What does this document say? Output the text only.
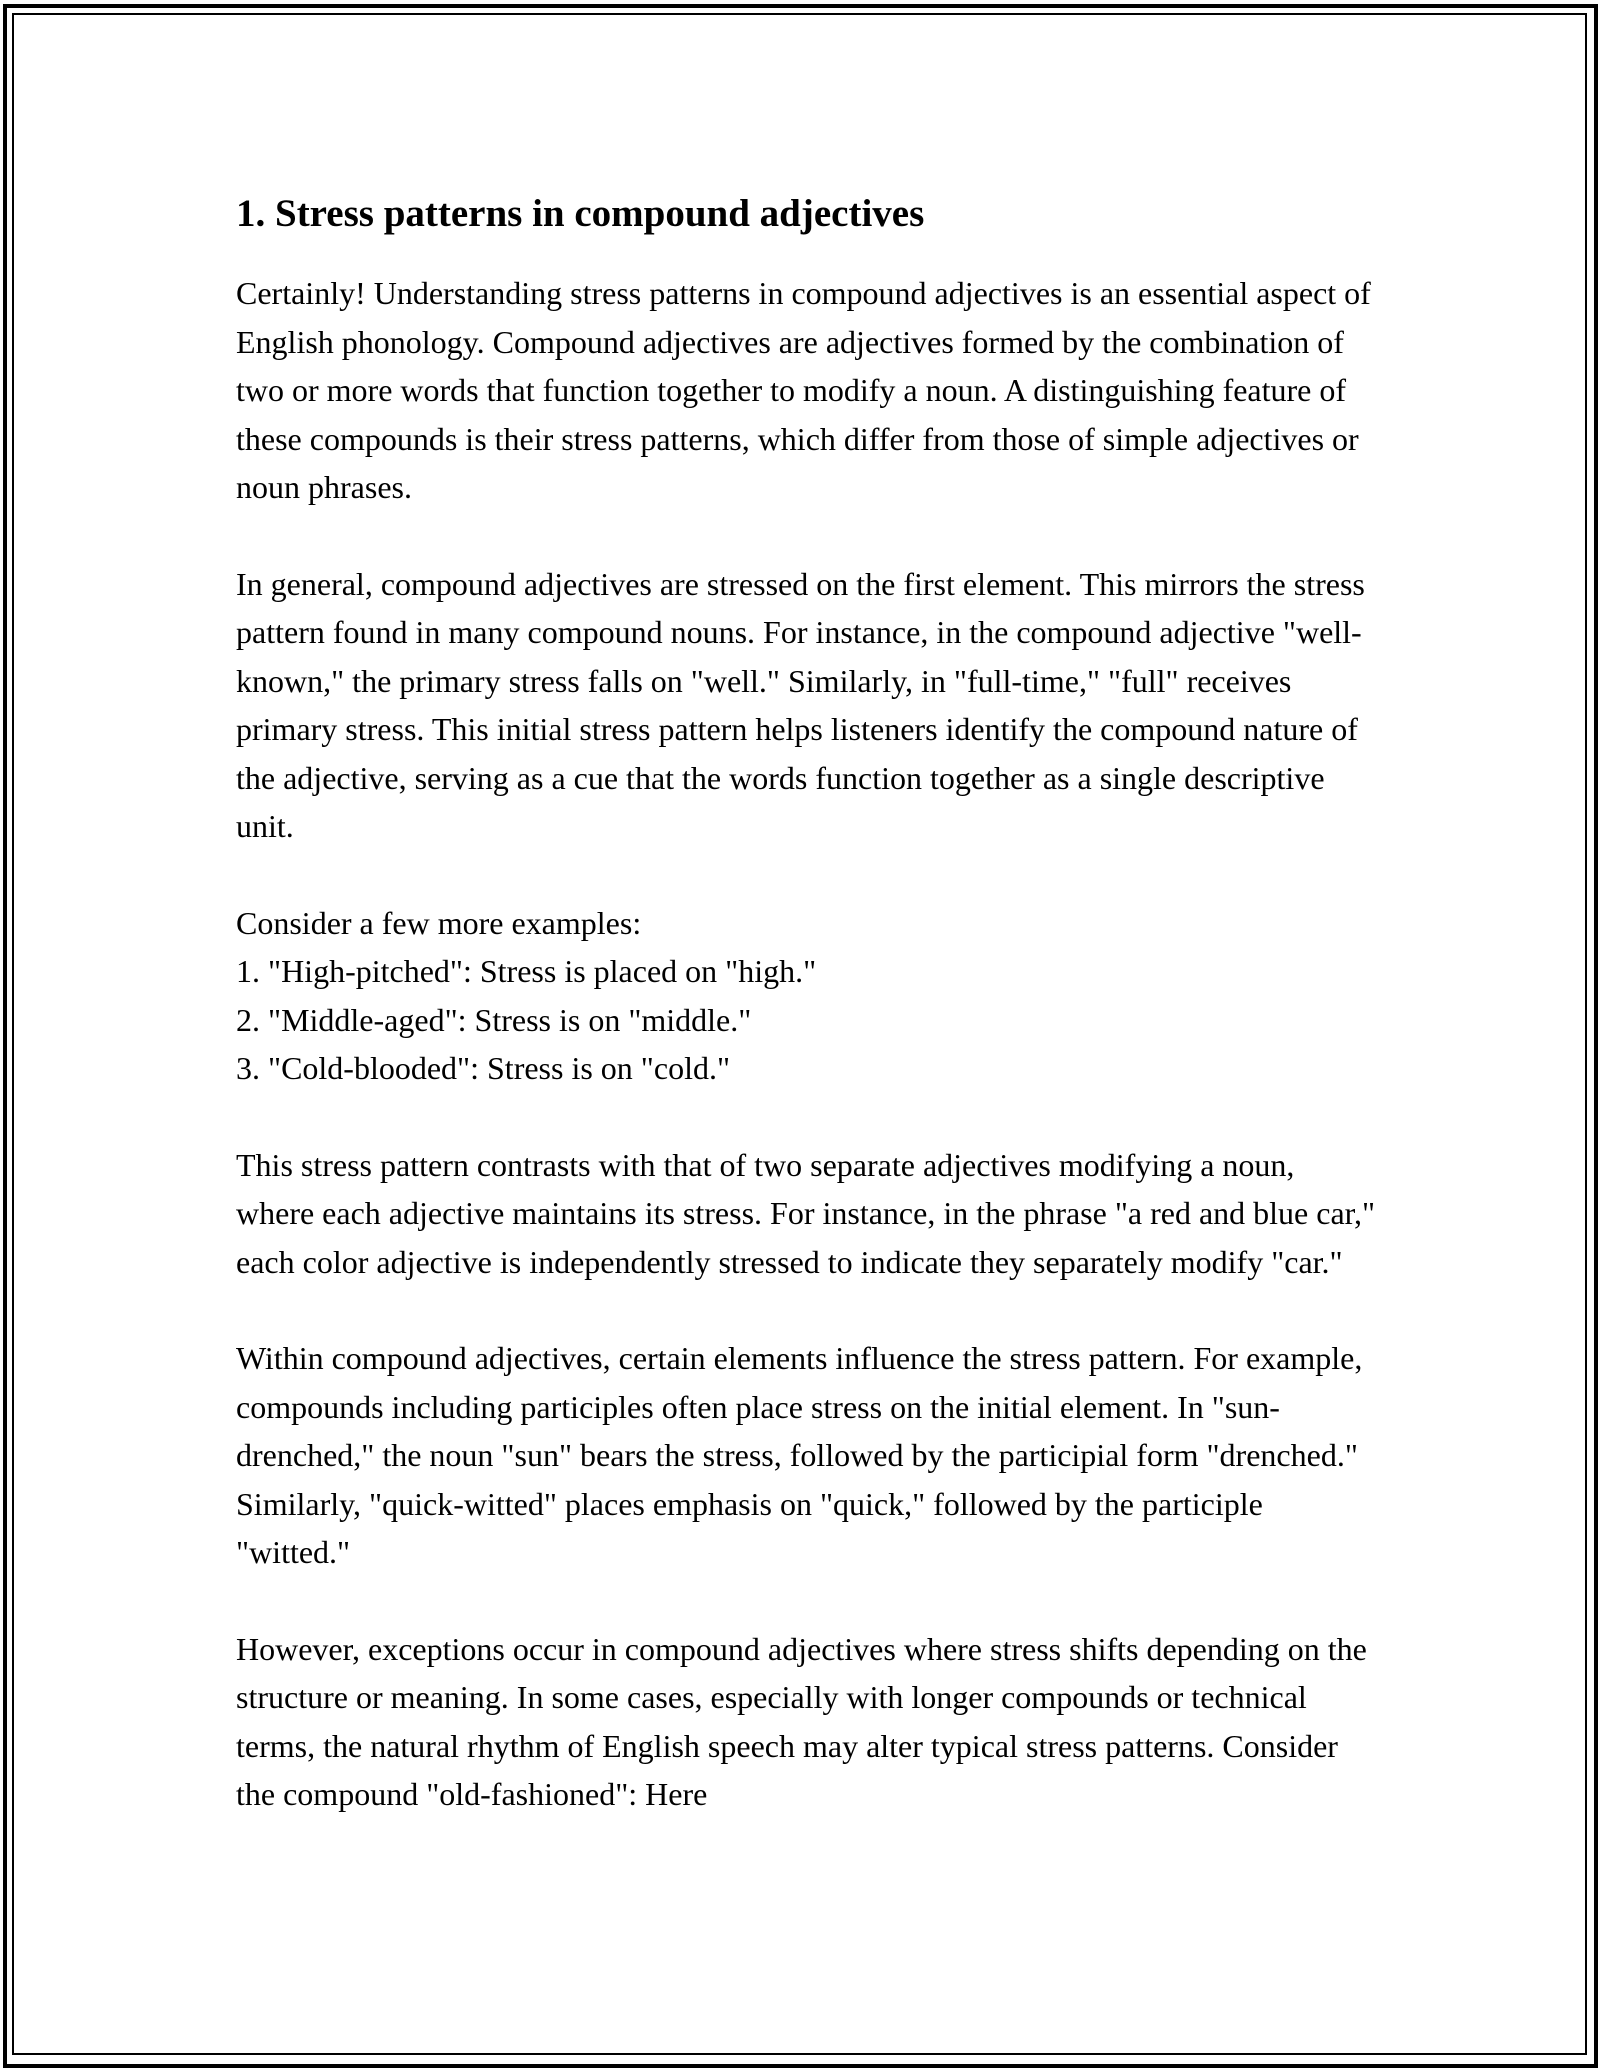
1. Stress patterns in compound adjectives

Certainly! Understanding stress patterns in compound adjectives is an essential aspect of English phonology. Compound adjectives are adjectives formed by the combination of two or more words that function together to modify a noun. A distinguishing feature of these compounds is their stress patterns, which differ from those of simple adjectives or noun phrases.

In general, compound adjectives are stressed on the first element. This mirrors the stress pattern found in many compound nouns. For instance, in the compound adjective "well-known," the primary stress falls on "well." Similarly, in "full-time," "full" receives primary stress. This initial stress pattern helps listeners identify the compound nature of the adjective, serving as a cue that the words function together as a single descriptive unit.

Consider a few more examples:
1. "High-pitched": Stress is placed on "high."
2. "Middle-aged": Stress is on "middle."
3. "Cold-blooded": Stress is on "cold."

This stress pattern contrasts with that of two separate adjectives modifying a noun, where each adjective maintains its stress. For instance, in the phrase "a red and blue car," each color adjective is independently stressed to indicate they separately modify "car."

Within compound adjectives, certain elements influence the stress pattern. For example, compounds including participles often place stress on the initial element. In "sun-drenched," the noun "sun" bears the stress, followed by the participial form "drenched." Similarly, "quick-witted" places emphasis on "quick," followed by the participle "witted."

However, exceptions occur in compound adjectives where stress shifts depending on the structure or meaning. In some cases, especially with longer compounds or technical terms, the natural rhythm of English speech may alter typical stress patterns. Consider the compound "old-fashioned": Here
